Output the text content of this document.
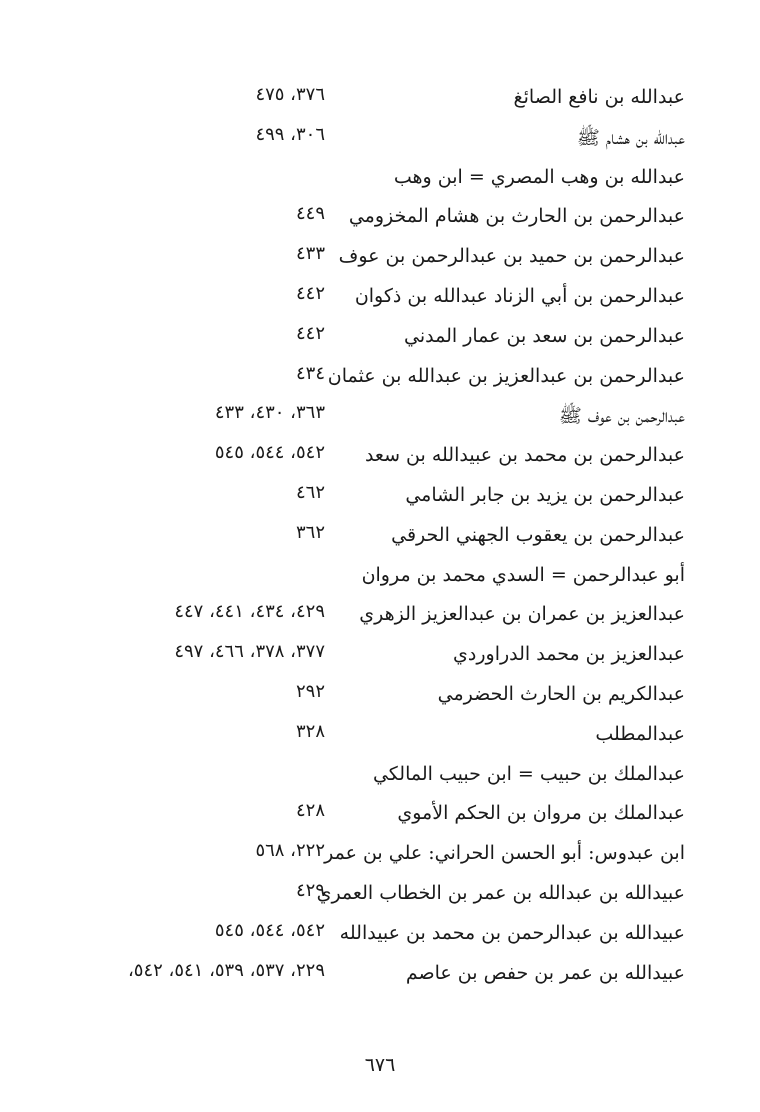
عبدالله بن نافع الصائغ
٣٧٦، ٤٧٥
عبدالله بن هشام ﷺ
٣٠٦، ٤٩٩
عبدالله بن وهب المصري = ابن وهب
عبدالرحمن بن الحارث بن هشام المخزومي
٤٤٩
عبدالرحمن بن حميد بن عبدالرحمن بن عوف
٤٣٣
عبدالرحمن بن أبي الزناد عبدالله بن ذكوان
٤٤٢
عبدالرحمن بن سعد بن عمار المدني
٤٤٢
عبدالرحمن بن عبدالعزيز بن عبدالله بن عثمان
٤٣٤
عبدالرحمن بن عوف ﷺ
٣٦٣، ٤٣٠، ٤٣٣
عبدالرحمن بن محمد بن عبيدالله بن سعد
٥٤٢، ٥٤٤، ٥٤٥
عبدالرحمن بن يزيد بن جابر الشامي
٤٦٢
عبدالرحمن بن يعقوب الجهني الحرقي
٣٦٢
أبو عبدالرحمن = السدي محمد بن مروان
عبدالعزيز بن عمران بن عبدالعزيز الزهري
٤٢٩، ٤٣٤، ٤٤١، ٤٤٧
عبدالعزيز بن محمد الدراوردي
٣٧٧، ٣٧٨، ٤٦٦، ٤٩٧
عبدالكريم بن الحارث الحضرمي
٢٩٢
عبدالمطلب
٣٢٨
عبدالملك بن حبيب = ابن حبيب المالكي
عبدالملك بن مروان بن الحكم الأموي
٤٢٨
ابن عبدوس: أبو الحسن الحراني: علي بن عمر
٢٢٢، ٥٦٨
عبيدالله بن عبدالله بن عمر بن الخطاب العمري
٤٢٩
عبيدالله بن عبدالرحمن بن محمد بن عبيدالله
٥٤٢، ٥٤٤، ٥٤٥
عبيدالله بن عمر بن حفص بن عاصم
٢٢٩، ٥٣٧، ٥٣٩، ٥٤١، ٥٤٢،
٦٧٦
